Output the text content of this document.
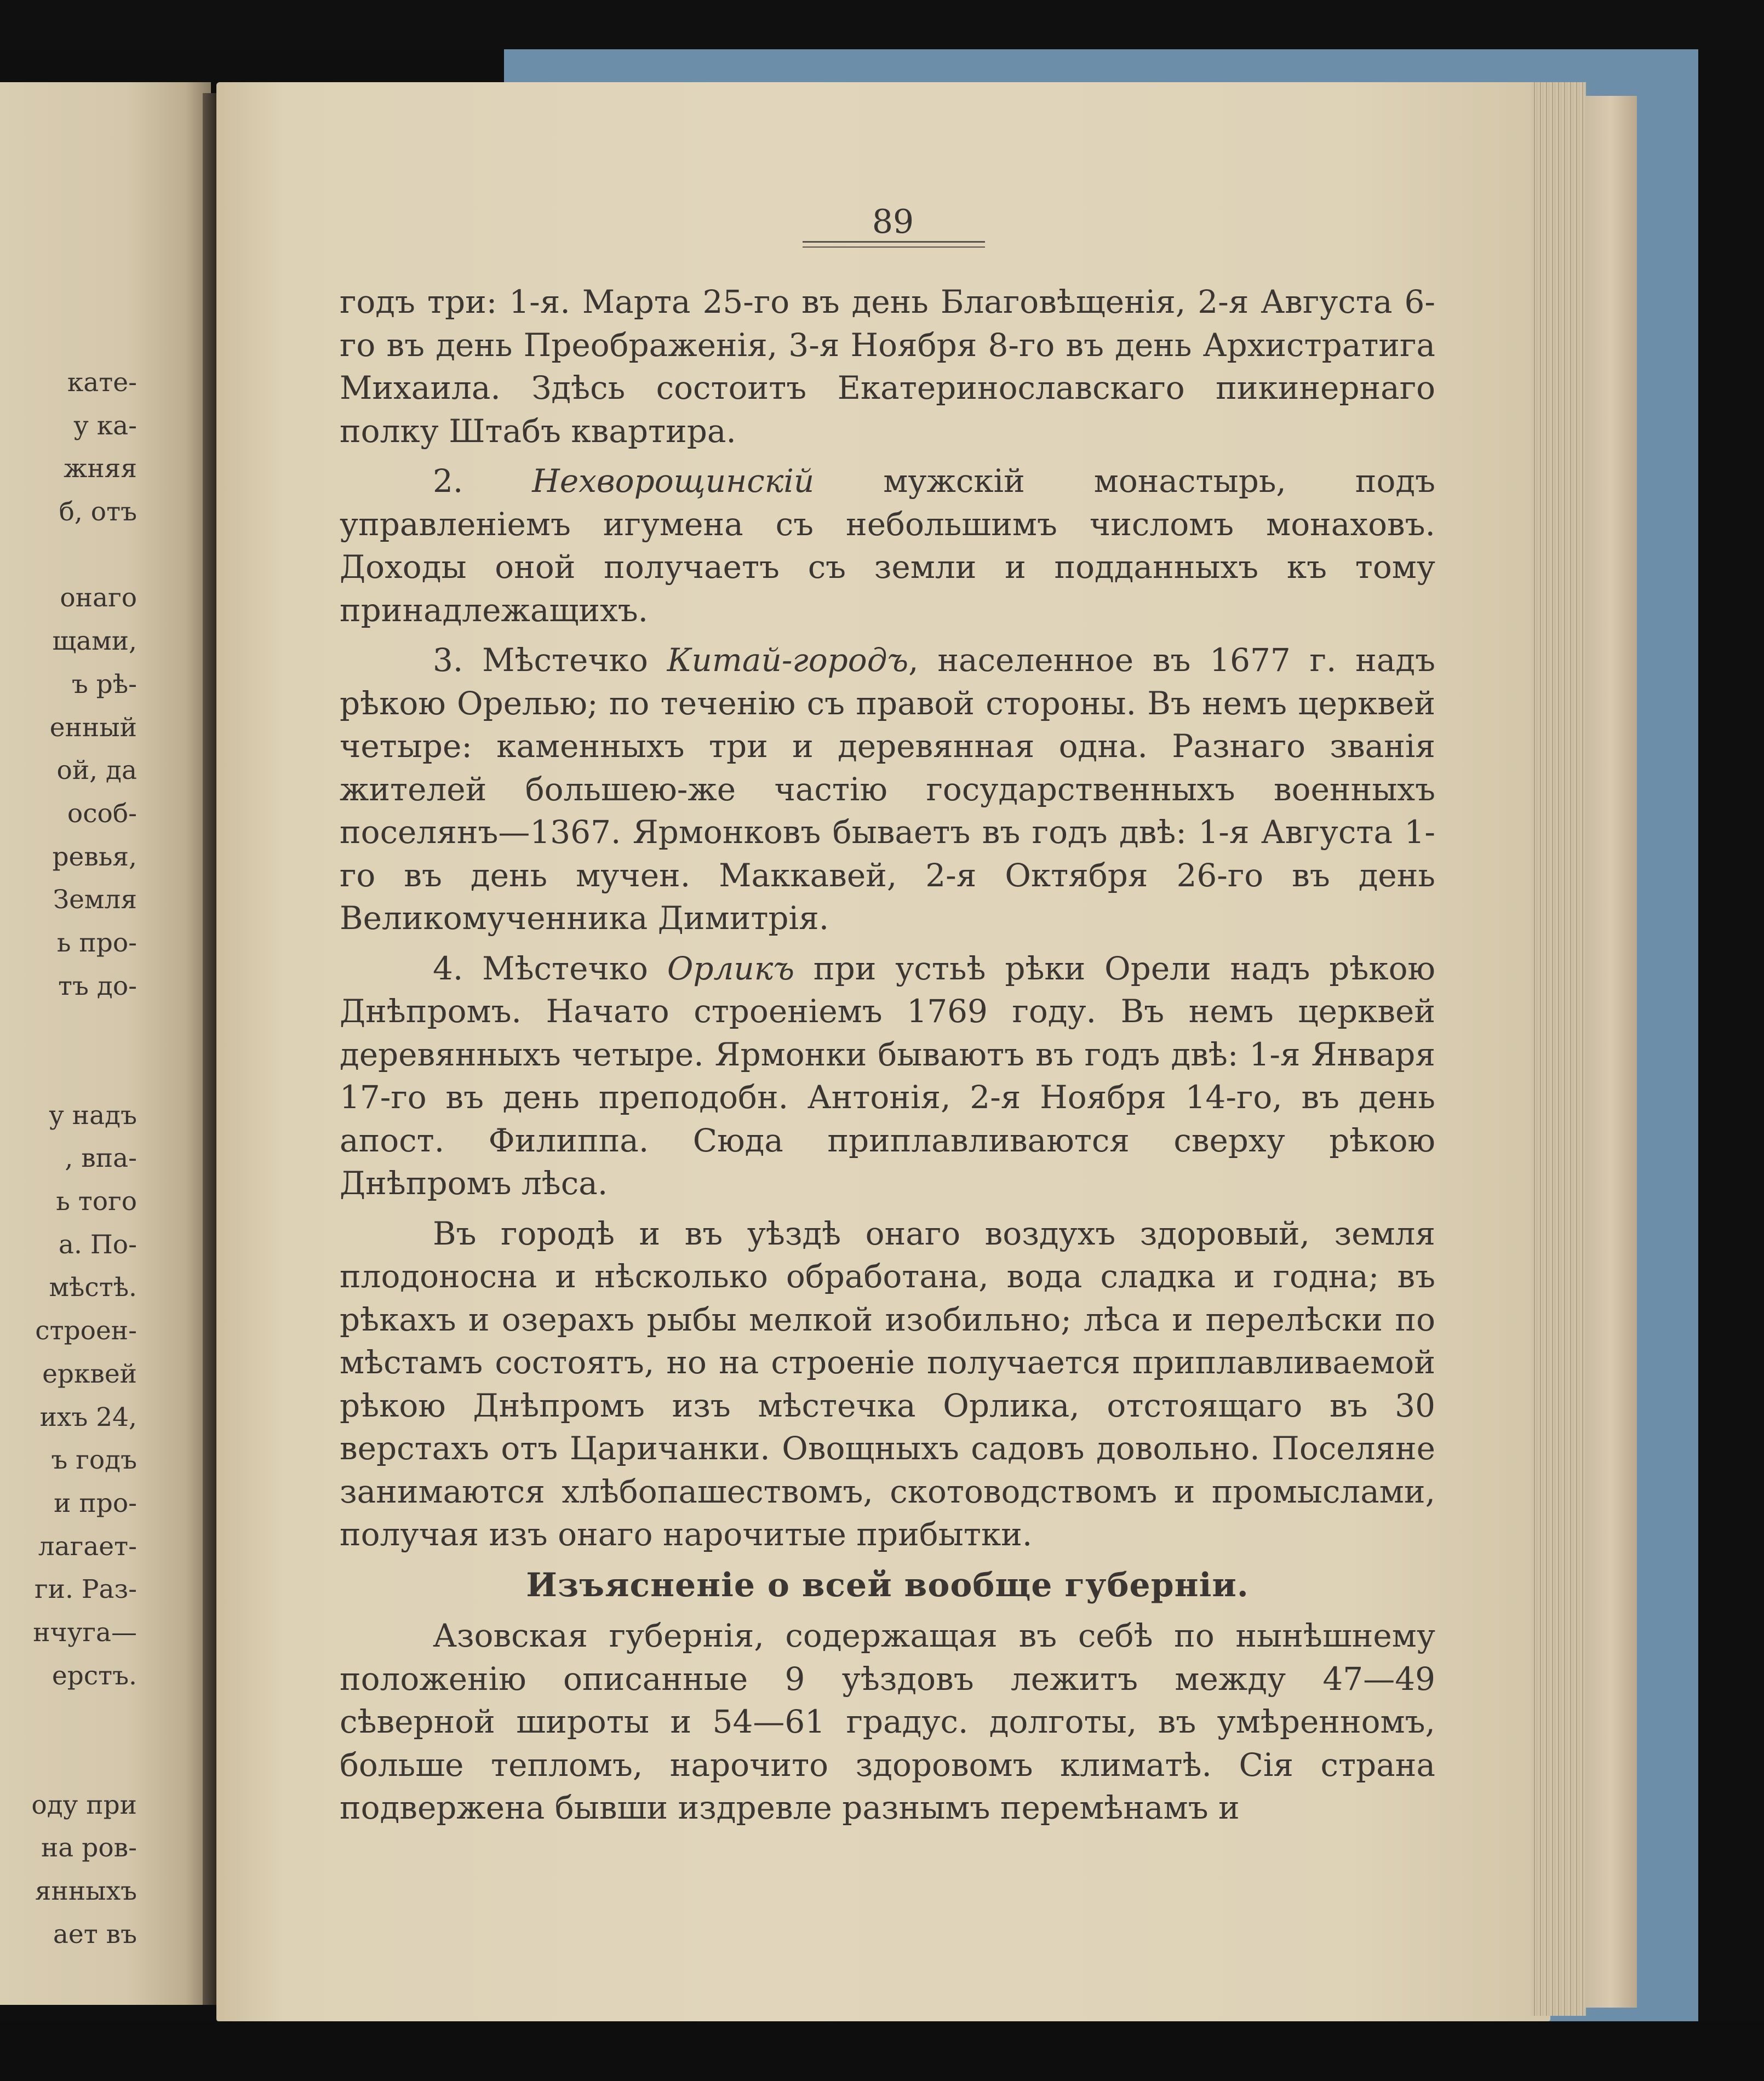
кате-
у ка-
жняя
б, отъ
онаго
щами,
ъ рѣ-
енный
ой, да
особ-
ревья,
Земля
ь про-
тъ до-
у надъ
, впа-
ь того
а. По-
мѣстѣ.
строен-
ерквей
ихъ 24,
ъ годъ
и про-
лагает-
ги. Раз-
нчуга—
ерстъ.
оду при
на ров-
янныхъ
ает въ
89

годъ три: 1-я. Марта 25-го въ день Благовѣщенія, 2-я Августа 6-го въ день Преображенія, 3-я Ноября 8-го въ день Архистратига Михаила. Здѣсь состоитъ Екатеринославскаго пикинернаго полку Штабъ квартира.

2. Нехворощинскій мужскій монастырь, подъ управленіемъ игумена съ небольшимъ числомъ монаховъ. Доходы оной получаетъ съ земли и подданныхъ къ тому принадлежащихъ.

3. Мѣстечко Китай-городъ, населенное въ 1677 г. надъ рѣкою Орелью; по теченію съ правой стороны. Въ немъ церквей четыре: каменныхъ три и деревянная одна. Разнаго званія жителей большею-же частію государственныхъ военныхъ поселянъ—1367. Ярмонковъ бываетъ въ годъ двѣ: 1-я Августа 1-го въ день мучен. Маккавей, 2-я Октября 26-го въ день Великомученника Димитрія.

4. Мѣстечко Орликъ при устьѣ рѣки Орели надъ рѣкою Днѣпромъ. Начато строеніемъ 1769 году. Въ немъ церквей деревянныхъ четыре. Ярмонки бываютъ въ годъ двѣ: 1-я Января 17-го въ день преподобн. Антонія, 2-я Ноября 14-го, въ день апост. Филиппа. Сюда приплавливаются сверху рѣкою Днѣпромъ лѣса.

Въ городѣ и въ уѣздѣ онаго воздухъ здоровый, земля плодоносна и нѣсколько обработана, вода сладка и годна; въ рѣкахъ и озерахъ рыбы мелкой изобильно; лѣса и перелѣски по мѣстамъ состоятъ, но на строеніе получается приплавливаемой рѣкою Днѣпромъ изъ мѣстечка Орлика, отстоящаго въ 30 верстахъ отъ Царичанки. Овощныхъ садовъ довольно. Поселяне занимаются хлѣбопашествомъ, скотоводствомъ и промыслами, получая изъ онаго нарочитые прибытки.

Изъясненіе о всей вообще губерніи.

Азовская губернія, содержащая въ себѣ по нынѣшнему положенію описанные 9 уѣздовъ лежитъ между 47—49 сѣверной широты и 54—61 градус. долготы, въ умѣренномъ, больше тепломъ, нарочито здоровомъ климатѣ. Сія страна подвержена бывши издревле разнымъ перемѣнамъ и
